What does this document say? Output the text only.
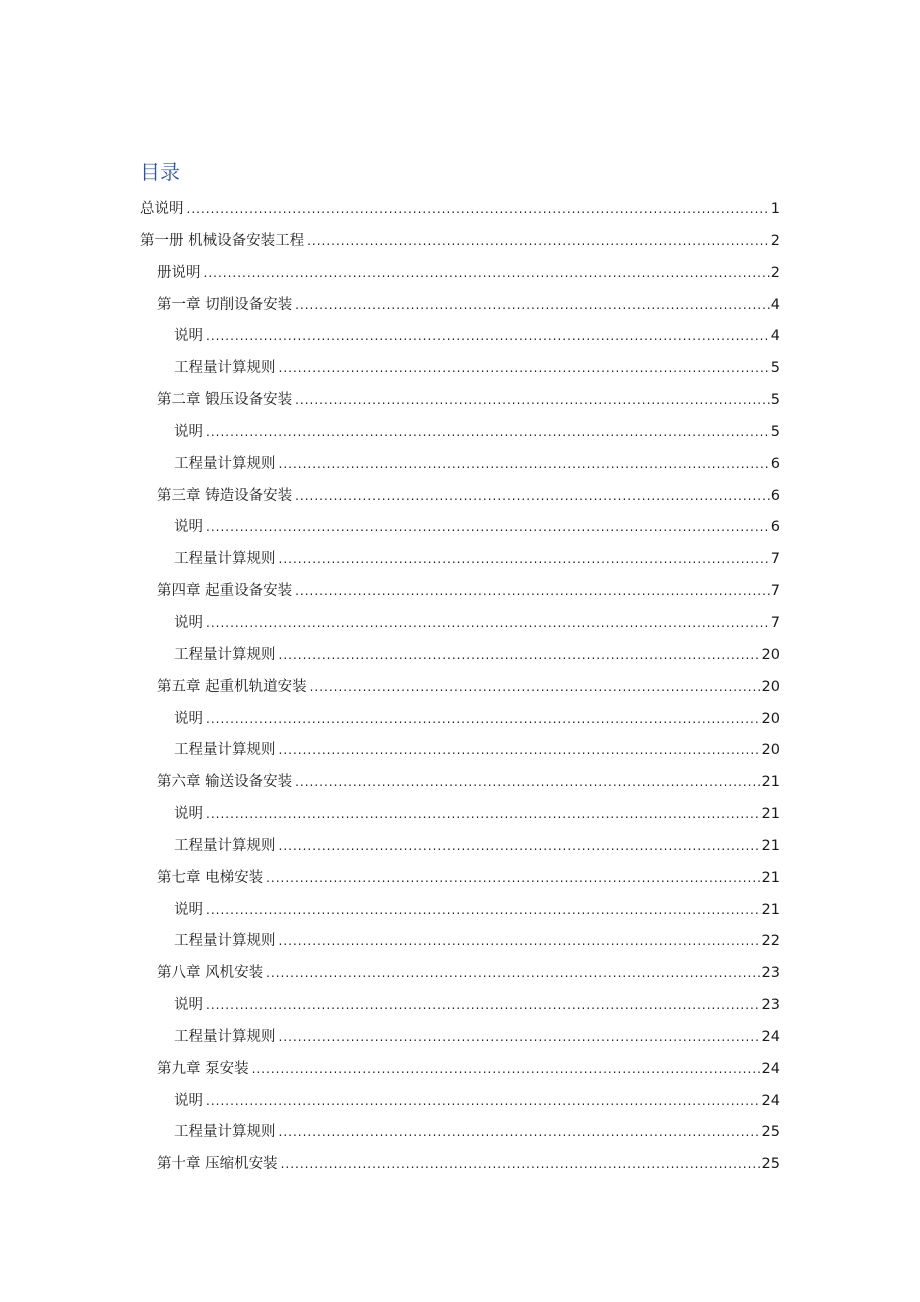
目录
总说明 .....	1
第一册 机械设备安装工程 .....	2
册说明 .....	2
第一章 切削设备安装 .....	4
说明 .....	4
工程量计算规则 .....	5
第二章 锻压设备安装 .....	5
说明 .....	5
工程量计算规则 .....	6
第三章 铸造设备安装 .....	6
说明 .....	6
工程量计算规则 .....	7
第四章 起重设备安装 .....	7
说明 .....	7
工程量计算规则 .....	20
第五章 起重机轨道安装 .....	20
说明 .....	20
工程量计算规则 .....	20
第六章 输送设备安装 .....	21
说明 .....	21
工程量计算规则 .....	21
第七章 电梯安装 .....	21
说明 .....	21
工程量计算规则 .....	22
第八章 风机安装 .....	23
说明 .....	23
工程量计算规则 .....	24
第九章 泵安装 .....	24
说明 .....	24
工程量计算规则 .....	25
第十章 压缩机安装 .....	25
